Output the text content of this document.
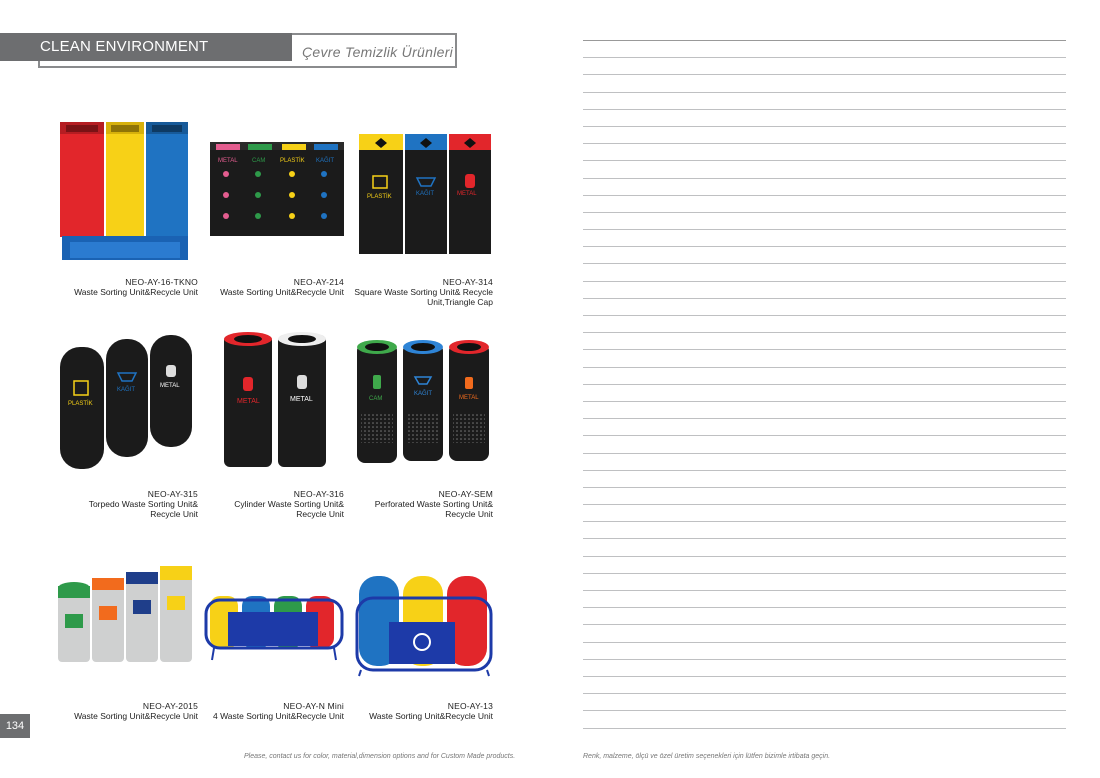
CLEAN ENVIRONMENT PRODUCTS
Çevre Temizlik Ürünleri
NEO-AY-16-TKNO
Waste Sorting Unit&Recycle Unit
METAL CAM PLASTİK KAĞIT
NEO-AY-214
Waste Sorting Unit&Recycle Unit
PLASTİK	KAĞIT	METAL
NEO-AY-314
Square Waste Sorting Unit& Recycle Unit,Triangle Cap
PLASTİK
KAĞIT
METAL
NEO-AY-315
Torpedo Waste Sorting Unit& Recycle Unit
METAL	METAL
NEO-AY-316
Cylinder Waste Sorting Unit& Recycle Unit
CAM
KAĞIT
METAL
NEO-AY-SEM
Perforated Waste Sorting Unit& Recycle Unit
NEO-AY-2015
Waste Sorting Unit&Recycle Unit
NEO-AY-N Mini
4 Waste Sorting Unit&Recycle Unit
NEO-AY-13
Waste Sorting Unit&Recycle Unit
134
Please, contact us for color, material,dimension options and for Custom Made products.	Renk, malzeme, ölçü ve özel üretim seçenekleri için lütfen bizimle irtibata geçin.
